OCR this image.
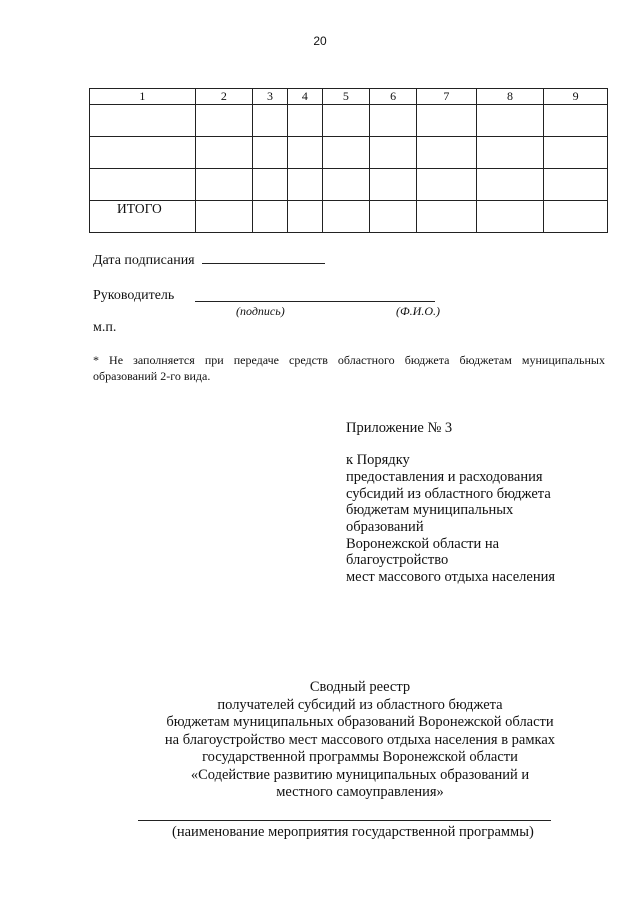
20
1	2	3	4	5	6	7	8	9

ИТОГО								
Дата подписания
Руководитель
(подпись)	(Ф.И.О.)
м.п.
* Не заполняется при передаче средств областного бюджета бюджетам муниципальных образований 2-го вида.
Приложение № 3
к Порядку
предоставления и расходования
субсидий из областного бюджета
бюджетам муниципальных
образований
Воронежской области на
благоустройство
мест массового отдыха населения
Сводный реестр
получателей субсидий из областного бюджета
бюджетам муниципальных образований Воронежской области
на благоустройство мест массового отдыха населения в рамках
государственной программы Воронежской области
«Содействие развитию муниципальных образований и
местного самоуправления»
(наименование мероприятия государственной программы)
